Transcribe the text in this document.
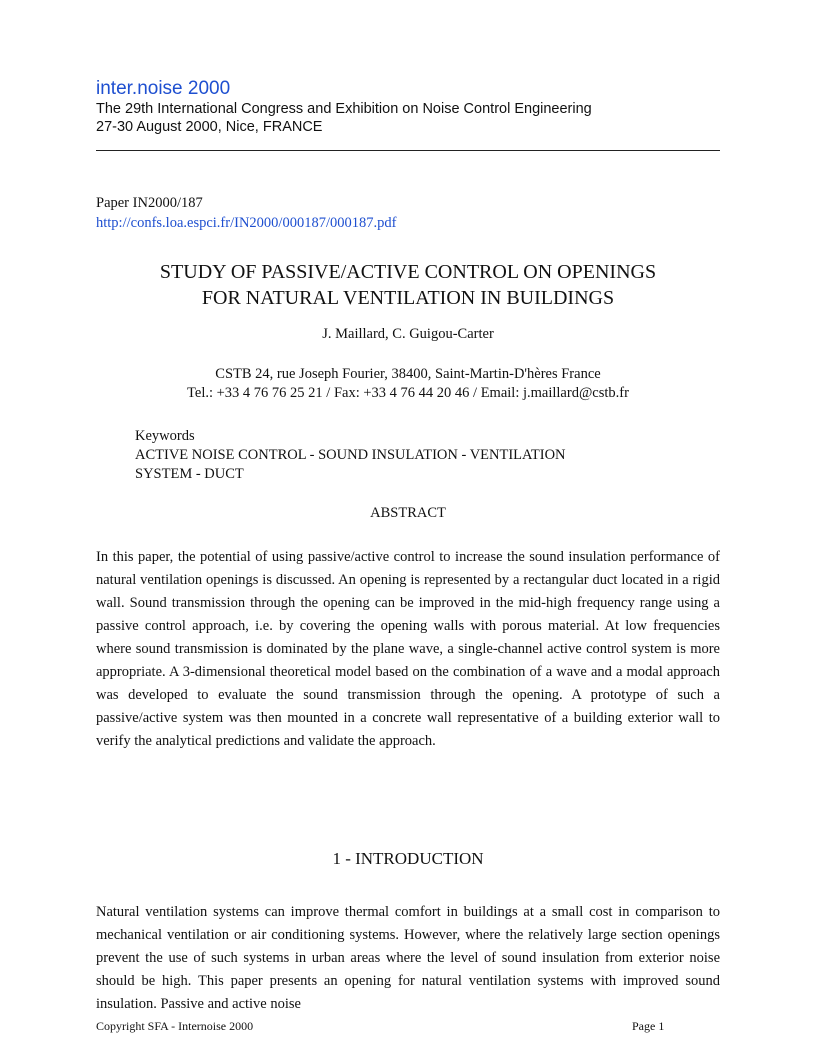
inter.noise 2000
The 29th International Congress and Exhibition on Noise Control Engineering
27-30 August 2000, Nice, FRANCE
Paper IN2000/187
http://confs.loa.espci.fr/IN2000/000187/000187.pdf
STUDY OF PASSIVE/ACTIVE CONTROL ON OPENINGS
FOR NATURAL VENTILATION IN BUILDINGS
J. Maillard, C. Guigou-Carter
CSTB 24, rue Joseph Fourier, 38400, Saint-Martin-D'hères France
Tel.: +33 4 76 76 25 21 / Fax: +33 4 76 44 20 46 / Email: j.maillard@cstb.fr
Keywords
ACTIVE NOISE CONTROL - SOUND INSULATION - VENTILATION
SYSTEM - DUCT
ABSTRACT

In this paper, the potential of using passive/active control to increase the sound insulation performance of natural ventilation openings is discussed. An opening is represented by a rectangular duct located in a rigid wall. Sound transmission through the opening can be improved in the mid-high frequency range using a passive control approach, i.e. by covering the opening walls with porous material. At low frequencies where sound transmission is dominated by the plane wave, a single-channel active control system is more appropriate. A 3-dimensional theoretical model based on the combination of a wave and a modal approach was developed to evaluate the sound transmission through the opening. A prototype of such a passive/active system was then mounted in a concrete wall representative of a building exterior wall to verify the analytical predictions and validate the approach.

1 - INTRODUCTION

Natural ventilation systems can improve thermal comfort in buildings at a small cost in comparison to mechanical ventilation or air conditioning systems. However, where the relatively large section openings prevent the use of such systems in urban areas where the level of sound insulation from exterior noise should be high. This paper presents an opening for natural ventilation systems with improved sound insulation. Passive and active noise

Copyright SFA - Internoise 2000	Page 1
